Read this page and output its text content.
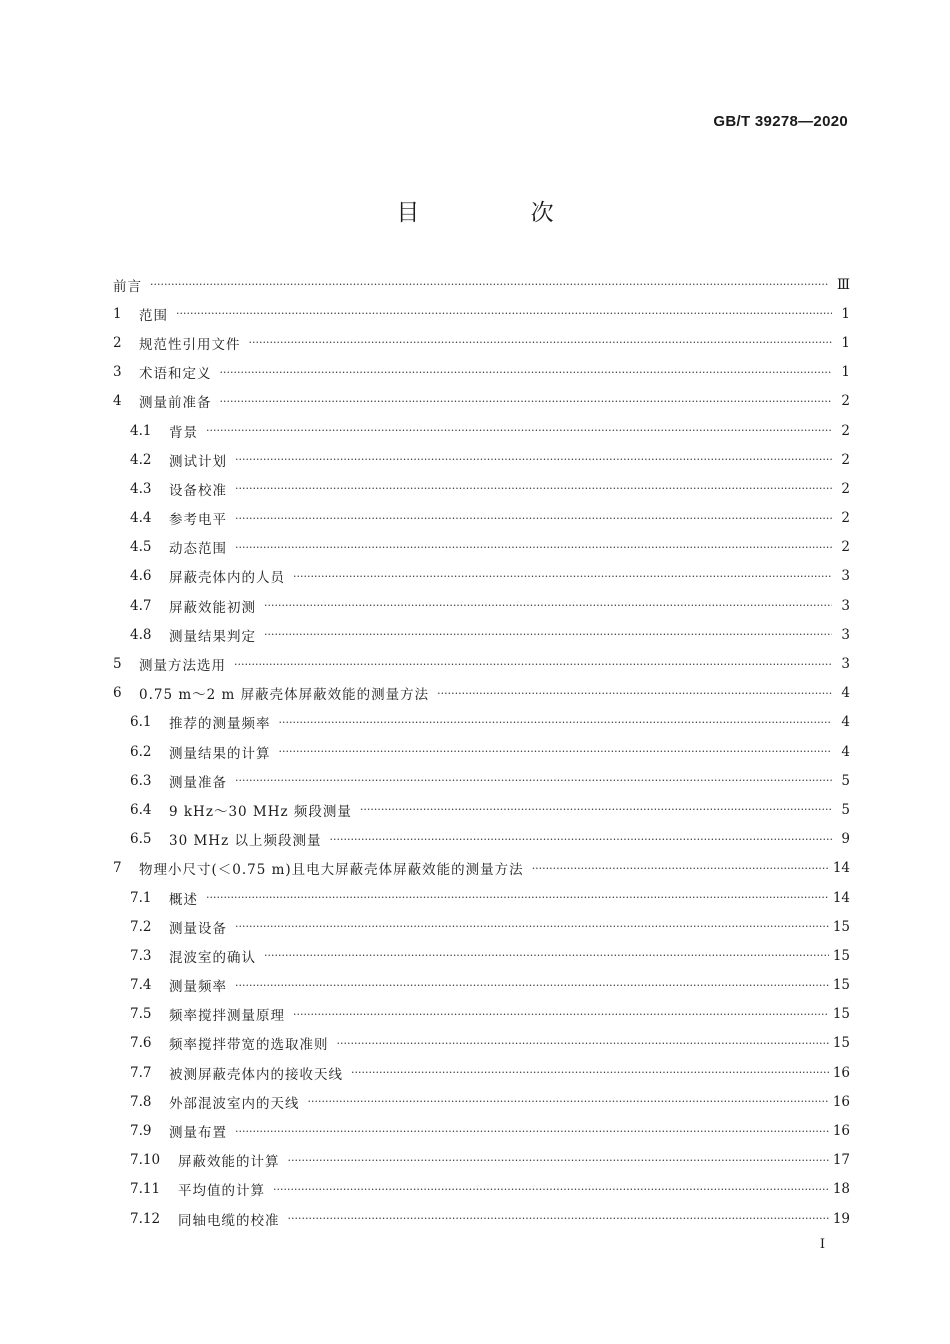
GB/T 39278—2020
目 次
前言 ·····	Ⅲ
1	范围 ·····	1
2	规范性引用文件 ·····	1
3	术语和定义 ·····	1
4	测量前准备 ·····	2
4.1	背景 ·····	2
4.2	测试计划 ·····	2
4.3	设备校准 ·····	2
4.4	参考电平 ·····	2
4.5	动态范围 ·····	2
4.6	屏蔽壳体内的人员 ·····	3
4.7	屏蔽效能初测 ·····	3
4.8	测量结果判定 ·····	3
5	测量方法选用 ·····	3
6	0.75 m～2 m 屏蔽壳体屏蔽效能的测量方法 ·····	4
6.1	推荐的测量频率 ·····	4
6.2	测量结果的计算 ·····	4
6.3	测量准备 ·····	5
6.4	9 kHz～30 MHz 频段测量 ·····	5
6.5	30 MHz 以上频段测量 ·····	9
7	物理小尺寸(＜0.75 m)且电大屏蔽壳体屏蔽效能的测量方法 ·····	14
7.1	概述 ·····	14
7.2	测量设备 ·····	15
7.3	混波室的确认 ·····	15
7.4	测量频率 ·····	15
7.5	频率搅拌测量原理 ·····	15
7.6	频率搅拌带宽的选取准则 ·····	15
7.7	被测屏蔽壳体内的接收天线 ·····	16
7.8	外部混波室内的天线 ·····	16
7.9	测量布置 ·····	16
7.10	屏蔽效能的计算 ·····	17
7.11	平均值的计算 ·····	18
7.12	同轴电缆的校准 ·····	19
I
